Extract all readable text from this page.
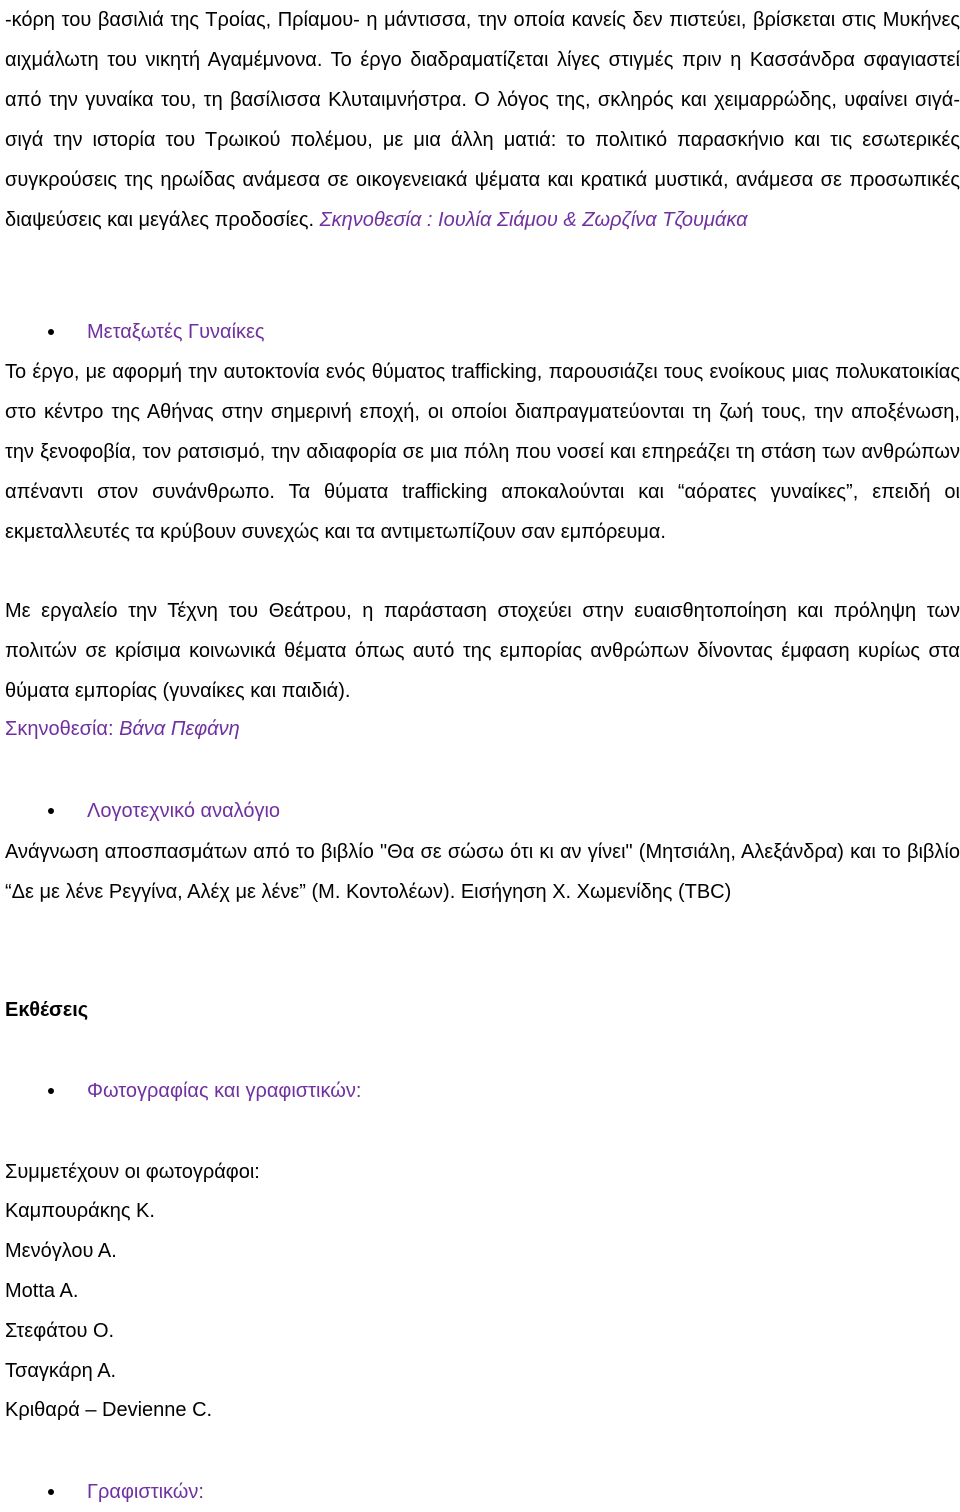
-κόρη του βασιλιά της Τροίας, Πρίαμου- η μάντισσα, την οποία κανείς δεν πιστεύει, βρίσκεται στις Μυκήνες αιχμάλωτη του νικητή Αγαμέμνονα. Το έργο διαδραματίζεται λίγες στιγμές πριν η Κασσάνδρα σφαγιαστεί από την γυναίκα του, τη βασίλισσα Κλυταιμνήστρα. Ο λόγος της, σκληρός και χειμαρρώδης, υφαίνει σιγά-σιγά την ιστορία του Τρωικού πολέμου, με μια άλλη ματιά: το πολιτικό παρασκήνιο και τις εσωτερικές συγκρούσεις της ηρωίδας ανάμεσα σε οικογενειακά ψέματα και κρατικά μυστικά, ανάμεσα σε προσωπικές διαψεύσεις και μεγάλες προδοσίες. Σκηνοθεσία : Ιουλία Σιάμου & Ζωρζίνα Τζουμάκα

Μεταξωτές Γυναίκες

Το έργο, με αφορμή την αυτοκτονία ενός θύματος trafficking, παρουσιάζει τους ενοίκους μιας πολυκατοικίας στο κέντρο της Αθήνας στην σημερινή εποχή, οι οποίοι διαπραγματεύονται τη ζωή τους, την αποξένωση, την ξενοφοβία, τον ρατσισμό, την αδιαφορία σε μια πόλη που νοσεί και επηρεάζει τη στάση των ανθρώπων απέναντι στον συνάνθρωπο. Τα θύματα trafficking αποκαλούνται και “αόρατες γυναίκες”, επειδή οι εκμεταλλευτές τα κρύβουν συνεχώς και τα αντιμετωπίζουν σαν εμπόρευμα.

Με εργαλείο την Τέχνη του Θεάτρου, η παράσταση στοχεύει στην ευαισθητοποίηση και πρόληψη των πολιτών σε κρίσιμα κοινωνικά θέματα όπως αυτό της εμπορίας ανθρώπων δίνοντας έμφαση κυρίως στα θύματα εμπορίας (γυναίκες και παιδιά).

Σκηνοθεσία: Βάνα Πεφάνη
Λογοτεχνικό αναλόγιο

Ανάγνωση αποσπασμάτων από το βιβλίο "Θα σε σώσω ότι κι αν γίνει" (Μητσιάλη, Αλεξάνδρα) και το βιβλίο “Δε με λένε Ρεγγίνα, Αλέχ με λένε” (Μ. Κοντολέων). Εισήγηση Χ. Χωμενίδης (TBC)

Εκθέσεις
Φωτογραφίας και γραφιστικών:
Συμμετέχουν οι φωτογράφοι:
Καμπουράκης Κ.
Μενόγλου Α.
Motta A.
Στεφάτου Ο.
Τσαγκάρη Α.
Κριθαρά – Devienne C.
Γραφιστικών:
